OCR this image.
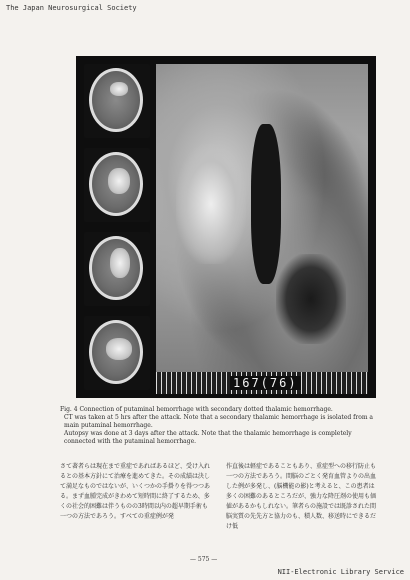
The Japan Neurosurgical Society
167(76)

Fig. 4 Connection of putaminal hemorrhage with secondary dotted thalamic hemorrhage.

CT was taken at 5 hrs after the attack. Note that a secondary thalamic hemorrhage is isolated from a main putaminal hemorrhage.

Autopsy was done at 3 days after the attack. Note that the thalamic hemorrhage is completely connected with the putaminal hemorrhage.

さて著者らは現在まで重症であればあるほど、受け入れるとの基本方針にて治療を進めてきた。その成績は決して満足なものではないが、いくつかの手掛りを得つつある。まず血腫完成がきわめて短時間に終了するため、多くの社会的困難は伴うものの3時間以内の超早期手術も一つの方法であろう。すべての重症例が発

作直後は軽症であることもあり、重症型への移行防止も一つの方法であろう。間脳のごとく発育血管よりの出血した例が多発し、(脳機能の影)と考えると、この患者は多くの困難のあるところだが、強力な降圧剤の使用も価値があるかもしれない。筆者らの施設では既診された間脳実質の先先方と協力のも、積人数、移送時にできるだけ低

— 575 —
NII-Electronic Library Service
